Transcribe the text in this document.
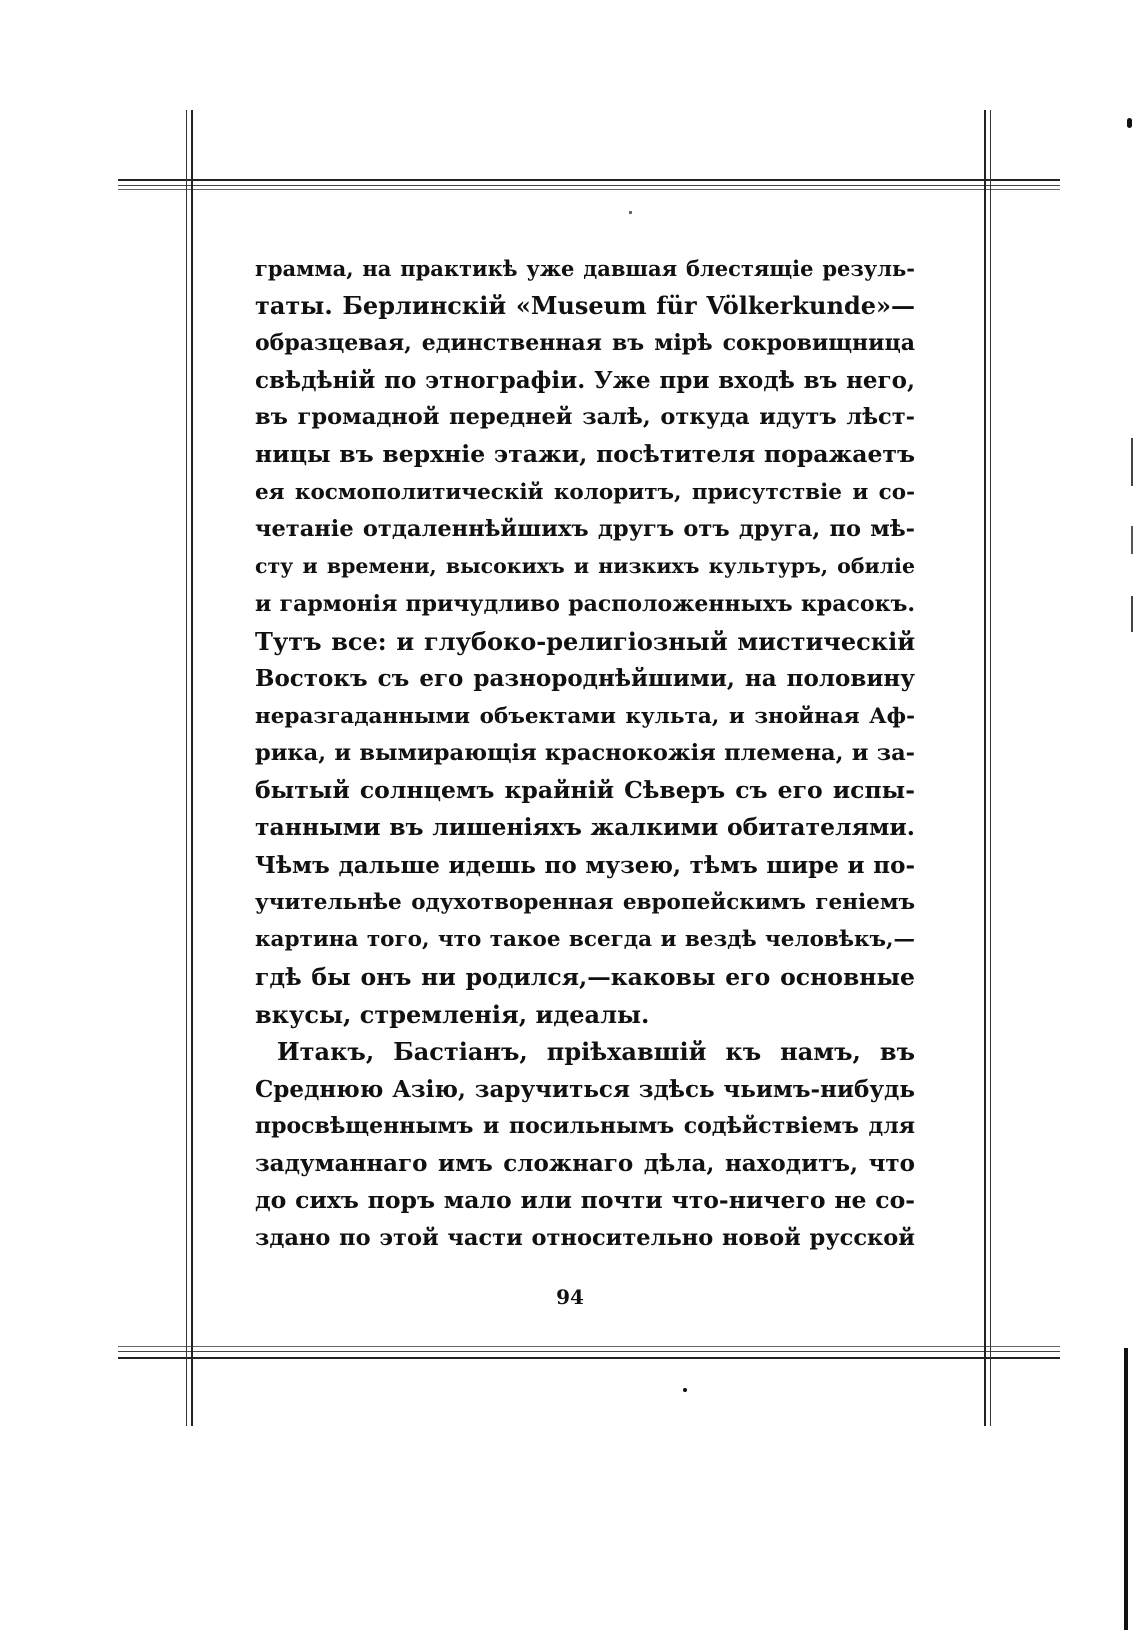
грамма, на практикѣ уже давшая блестящіе резуль-
таты. Берлинскій «Museum für Völkerkunde»—
образцевая, единственная въ мірѣ сокровищница
свѣдѣній по этнографіи. Уже при входѣ въ него,
въ громадной передней залѣ, откуда идутъ лѣст-
ницы въ верхніе этажи, посѣтителя поражаетъ
ея космополитическій колоритъ, присутствіе и со-
четаніе отдаленнѣйшихъ другъ отъ друга, по мѣ-
сту и времени, высокихъ и низкихъ культуръ, обиліе
и гармонія причудливо расположенныхъ красокъ.
Тутъ все: и глубоко-религіозный мистическій
Востокъ съ его разнороднѣйшими, на половину
неразгаданными объектами культа, и знойная Аф-
рика, и вымирающія краснокожія племена, и за-
бытый солнцемъ крайній Сѣверъ съ его испы-
танными въ лишеніяхъ жалкими обитателями.
Чѣмъ дальше идешь по музею, тѣмъ шире и по-
учительнѣе одухотворенная европейскимъ геніемъ
картина того, что такое всегда и вездѣ человѣкъ,—
гдѣ бы онъ ни родился,—каковы его основные
вкусы, стремленія, идеалы.
Итакъ, Бастіанъ, пріѣхавшій къ намъ, въ
Среднюю Азію, заручиться здѣсь чьимъ-нибудь
просвѣщеннымъ и посильнымъ содѣйствіемъ для
задуманнаго имъ сложнаго дѣла, находитъ, что
до сихъ поръ мало или почти что-ничего не со-
здано по этой части относительно новой русской
94
